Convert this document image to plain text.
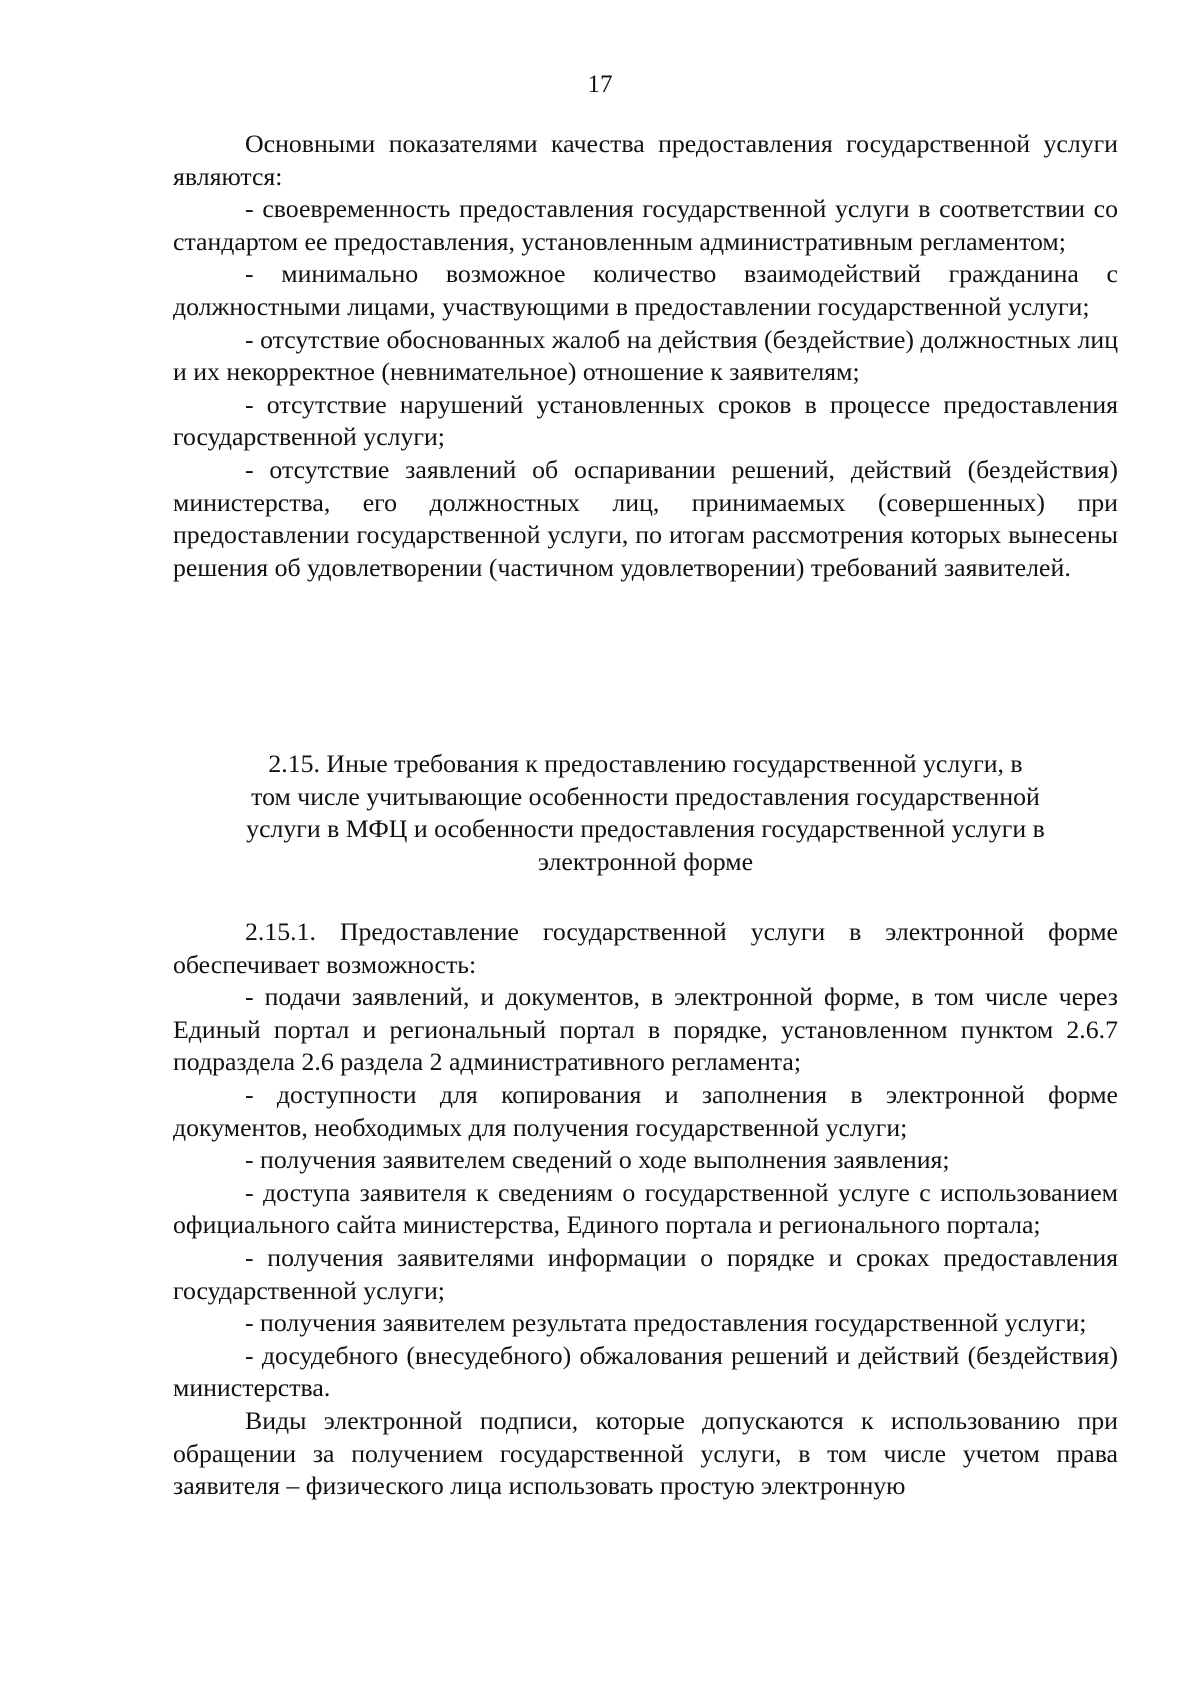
17

Основными показателями качества предоставления государственной услуги являются:

- своевременность предоставления государственной услуги в соответствии со стандартом ее предоставления, установленным административным регламентом;

- минимально возможное количество взаимодействий гражданина с должностными лицами, участвующими в предоставлении государственной услуги;

- отсутствие обоснованных жалоб на действия (бездействие) должностных лиц и их некорректное (невнимательное) отношение к заявителям;

- отсутствие нарушений установленных сроков в процессе предоставления государственной услуги;

- отсутствие заявлений об оспаривании решений, действий (бездействия) министерства, его должностных лиц, принимаемых (совершенных) при предоставлении государственной услуги, по итогам рассмотрения которых вынесены решения об удовлетворении (частичном удовлетворении) требований заявителей.

2.15. Иные требования к предоставлению государственной услуги, в
том числе учитывающие особенности предоставления государственной
услуги в МФЦ и особенности предоставления государственной услуги в
электронной форме

2.15.1. Предоставление государственной услуги в электронной форме обеспечивает возможность:

- подачи заявлений, и документов, в электронной форме, в том числе через Единый портал и региональный портал в порядке, установленном пунктом 2.6.7 подраздела 2.6 раздела 2 административного регламента;

- доступности для копирования и заполнения в электронной форме документов, необходимых для получения государственной услуги;

- получения заявителем сведений о ходе выполнения заявления;

- доступа заявителя к сведениям о государственной услуге с использованием официального сайта министерства, Единого портала и регионального портала;

- получения заявителями информации о порядке и сроках предоставления государственной услуги;

- получения заявителем результата предоставления государственной услуги;

- досудебного (внесудебного) обжалования решений и действий (бездействия) министерства.

Виды электронной подписи, которые допускаются к использованию при обращении за получением государственной услуги, в том числе учетом права заявителя – физического лица использовать простую электронную
